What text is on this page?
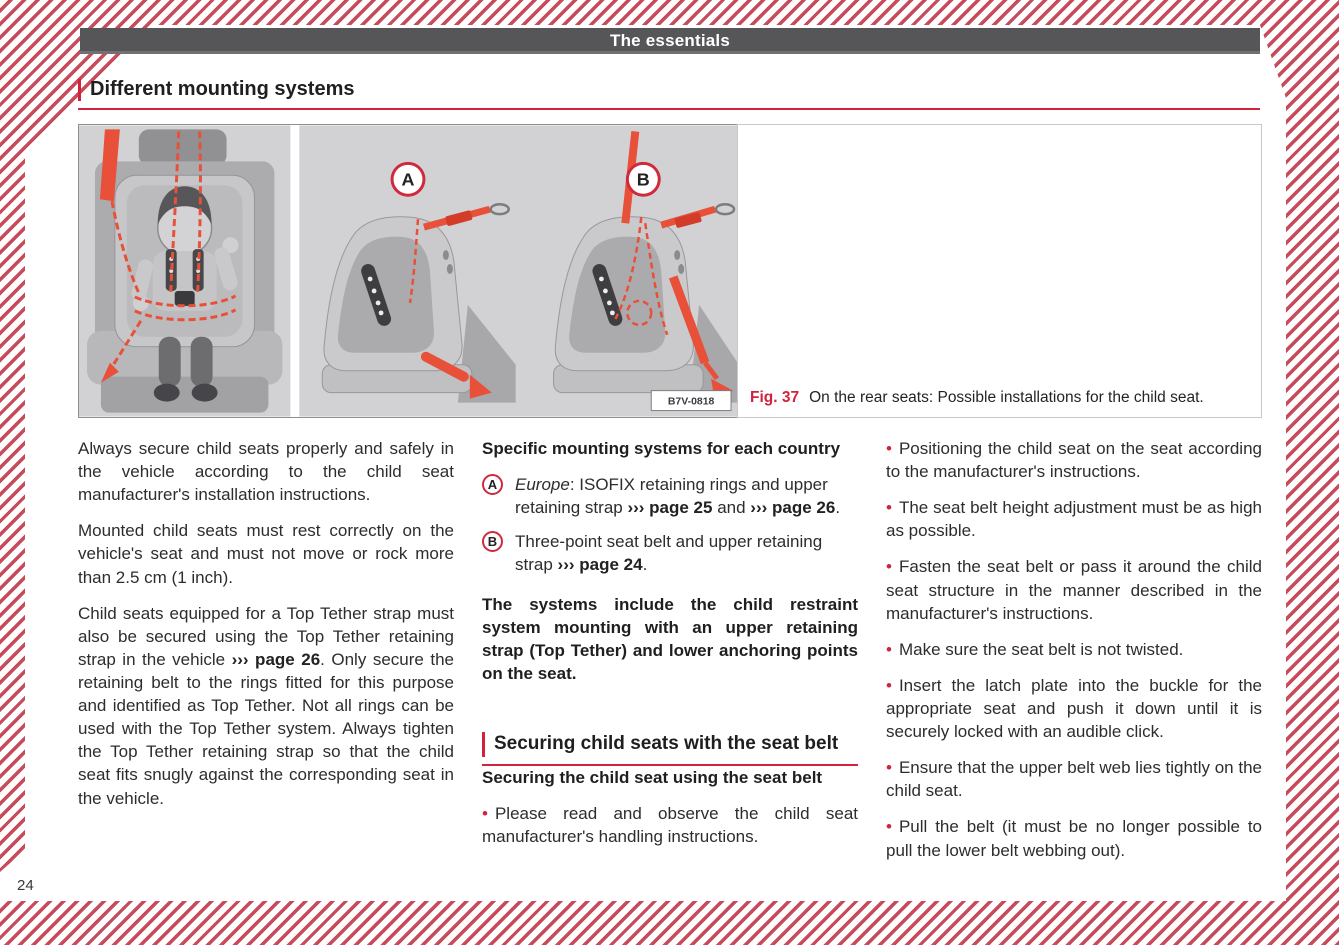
The essentials
Different mounting systems
A	B
B7V-0818 Fig. 37 On the rear seats: Possible installations for the child seat.

Always secure child seats properly and safely in the vehicle according to the child seat manufacturer's installation instructions.

Mounted child seats must rest correctly on the vehicle's seat and must not move or rock more than 2.5 cm (1 inch).

Child seats equipped for a Top Tether strap must also be secured using the Top Tether retaining strap in the vehicle ››› page 26. Only secure the retaining belt to the rings fitted for this purpose and identified as Top Tether. Not all rings can be used with the Top Tether system. Always tighten the Top Tether retaining strap so that the child seat fits snugly against the corresponding seat in the vehicle.

Specific mounting systems for each country

A	Europe: ISOFIX retaining rings and upper retaining strap ››› page 25 and ››› page 26.
B	Three-point seat belt and upper retaining strap ››› page 24.

The systems include the child restraint system mounting with an upper retaining strap (Top Tether) and lower anchoring points on the seat.

Securing child seats with the seat belt

Securing the child seat using the seat belt

• Please read and observe the child seat manufacturer's handling instructions.

• Positioning the child seat on the seat according to the manufacturer's instructions.

• The seat belt height adjustment must be as high as possible.

• Fasten the seat belt or pass it around the child seat structure in the manner described in the manufacturer's instructions.

• Make sure the seat belt is not twisted.

• Insert the latch plate into the buckle for the appropriate seat and push it down until it is securely locked with an audible click.

• Ensure that the upper belt web lies tightly on the child seat.

• Pull the belt (it must be no longer possible to pull the lower belt webbing out).

24
